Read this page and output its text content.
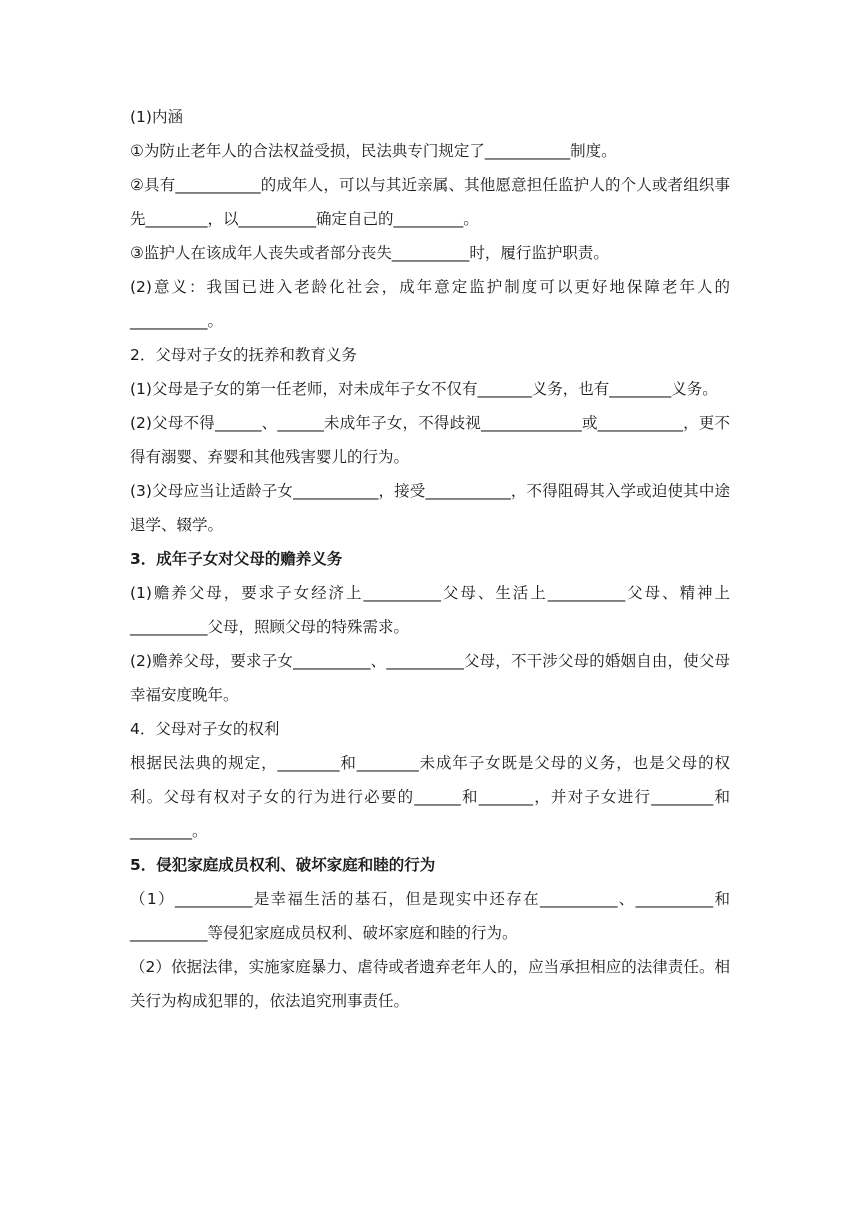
(1)内涵

①为防止老年人的合法权益受损，民法典专门规定了___________制度。

②具有___________的成年人，可以与其近亲属、其他愿意担任监护人的个人或者组织事先________，以__________确定自己的_________。

③监护人在该成年人丧失或者部分丧失__________时，履行监护职责。

(2)意义：我国已进入老龄化社会，成年意定监护制度可以更好地保障老年人的__________。

2．父母对子女的抚养和教育义务

(1)父母是子女的第一任老师，对未成年子女不仅有_______义务，也有________义务。

(2)父母不得______、______未成年子女，不得歧视_____________或___________，更不得有溺婴、弃婴和其他残害婴儿的行为。

(3)父母应当让适龄子女___________，接受___________，不得阻碍其入学或迫使其中途退学、辍学。

3．成年子女对父母的赡养义务

(1)赡养父母，要求子女经济上__________父母、生活上__________父母、精神上__________父母，照顾父母的特殊需求。

(2)赡养父母，要求子女__________、__________父母，不干涉父母的婚姻自由，使父母幸福安度晚年。

4．父母对子女的权利

根据民法典的规定，________和________未成年子女既是父母的义务，也是父母的权利。父母有权对子女的行为进行必要的______和_______，并对子女进行________和________。

5．侵犯家庭成员权利、破坏家庭和睦的行为

（1）__________是幸福生活的基石，但是现实中还存在__________、__________和__________等侵犯家庭成员权利、破坏家庭和睦的行为。

（2）依据法律，实施家庭暴力、虐待或者遗弃老年人的，应当承担相应的法律责任。相关行为构成犯罪的，依法追究刑事责任。
